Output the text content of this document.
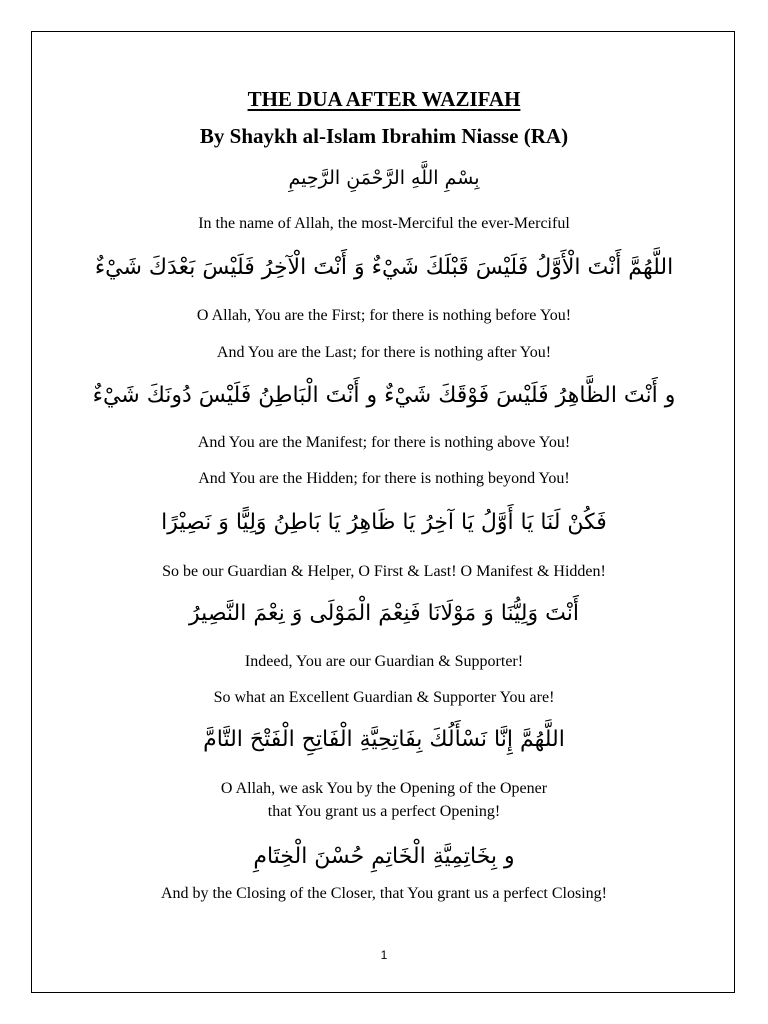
THE DUA AFTER WAZIFAH
By Shaykh al-Islam Ibrahim Niasse (RA)
بِسْمِ اللَّهِ الرَّحْمَنِ الرَّحِيمِ
In the name of Allah, the most-Merciful the ever-Merciful
اللَّهُمَّ أَنْتَ الْأَوَّلُ فَلَيْسَ قَبْلَكَ شَيْءٌ وَ أَنْتَ الْآخِرُ فَلَيْسَ بَعْدَكَ شَيْءٌ
O Allah, You are the First; for there is nothing before You!
And You are the Last; for there is nothing after You!
و أَنْتَ الظَّاهِرُ فَلَيْسَ فَوْقَكَ شَيْءٌ و أَنْتَ الْبَاطِنُ فَلَيْسَ دُونَكَ شَيْءٌ
And You are the Manifest; for there is nothing above You!
And You are the Hidden; for there is nothing beyond You!
فَكُنْ لَنَا يَا أَوَّلُ يَا آخِرُ يَا ظَاهِرُ يَا بَاطِنُ وَلِيًّا وَ نَصِيْرًا
So be our Guardian & Helper, O First & Last! O Manifest & Hidden!
أَنْتَ وَلِيُّنَا وَ مَوْلَانَا فَنِعْمَ الْمَوْلَى وَ نِعْمَ النَّصِيرُ
Indeed, You are our Guardian & Supporter!
So what an Excellent Guardian & Supporter You are!
اللَّهُمَّ إِنَّا نَسْأَلُكَ بِفَاتِحِيَّةِ الْفَاتِحِ الْفَتْحَ التَّامَّ
O Allah, we ask You by the Opening of the Opener
that You grant us a perfect Opening!
و بِخَاتِمِيَّةِ الْخَاتِمِ حُسْنَ الْخِتَامِ
And by the Closing of the Closer, that You grant us a perfect Closing!
1
